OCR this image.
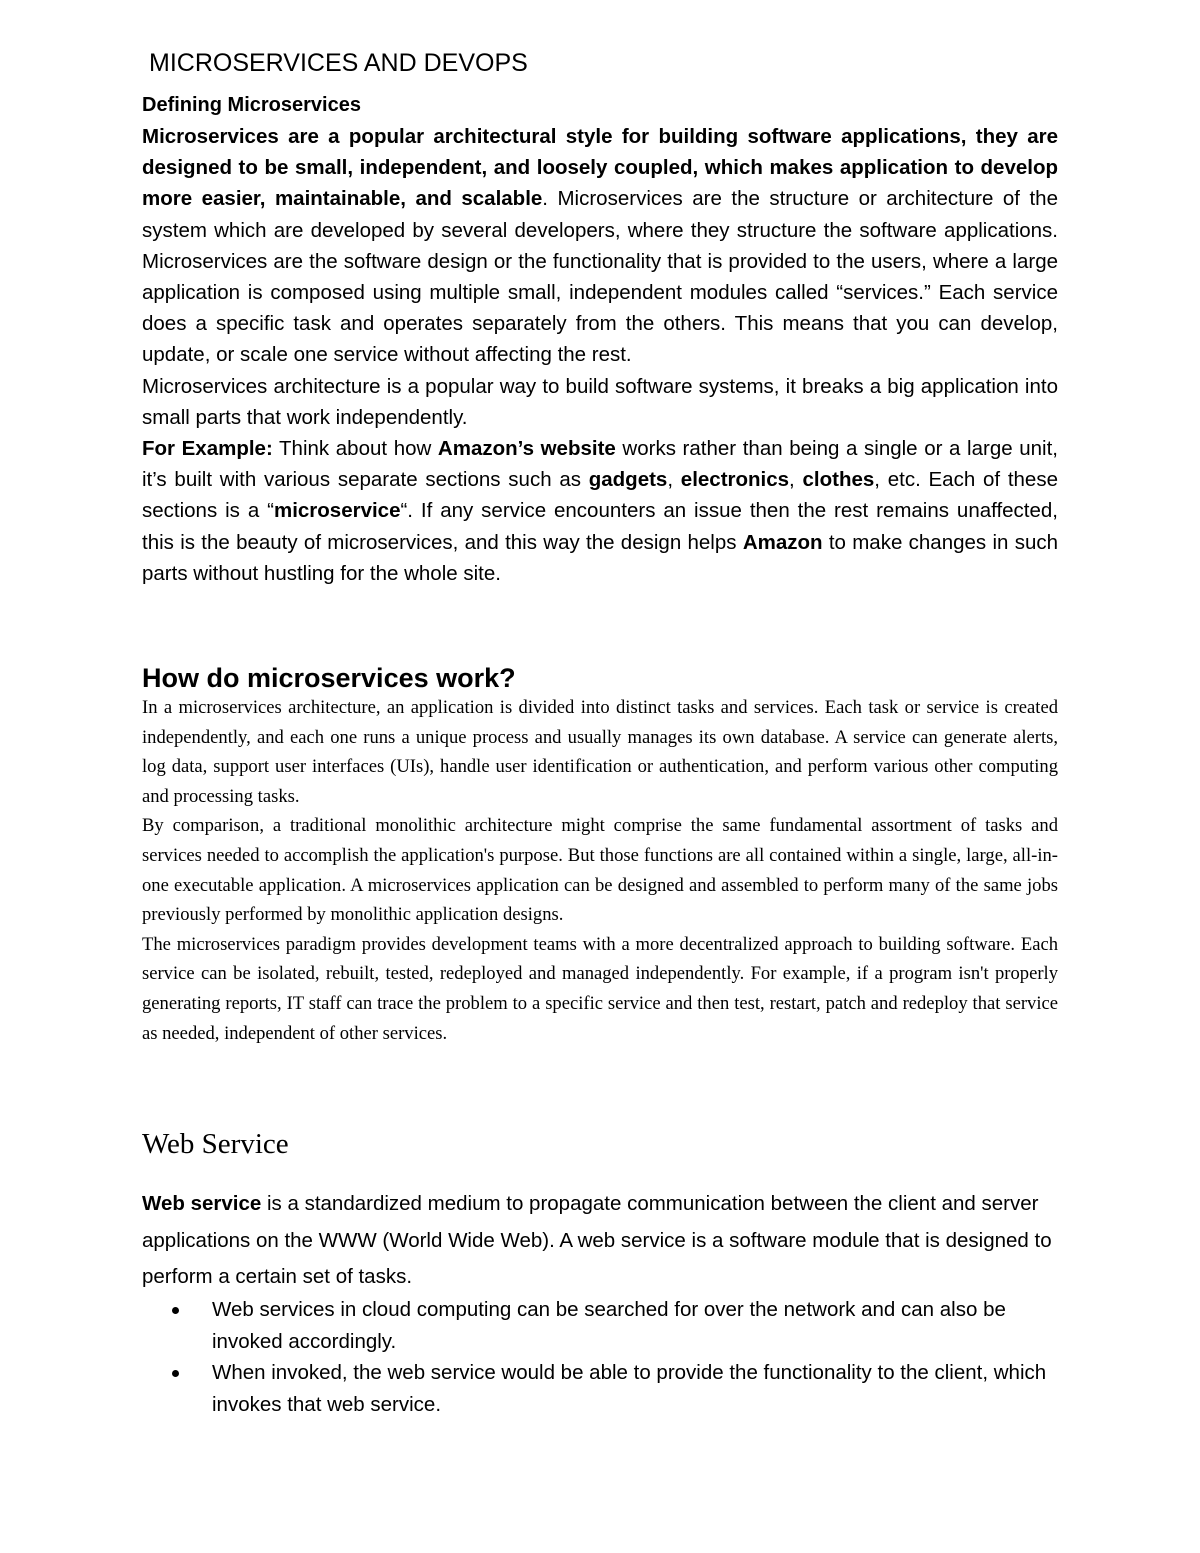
MICROSERVICES AND DEVOPS
Defining Microservices

Microservices are a popular architectural style for building software applications, they are designed to be small, independent, and loosely coupled, which makes application to develop more easier, maintainable, and scalable. Microservices are the structure or architecture of the system which are developed by several developers, where they structure the software applications. Microservices are the software design or the functionality that is provided to the users, where a large application is composed using multiple small, independent modules called “services.” Each service does a specific task and operates separately from the others. This means that you can develop, update, or scale one service without affecting the rest.

Microservices architecture is a popular way to build software systems, it breaks a big application into small parts that work independently.

For Example: Think about how Amazon’s website works rather than being a single or a large unit, it’s built with various separate sections such as gadgets, electronics, clothes, etc. Each of these sections is a “microservice“. If any service encounters an issue then the rest remains unaffected, this is the beauty of microservices, and this way the design helps Amazon to make changes in such parts without hustling for the whole site.

How do microservices work?

In a microservices architecture, an application is divided into distinct tasks and services. Each task or service is created independently, and each one runs a unique process and usually manages its own database. A service can generate alerts, log data, support user interfaces (UIs), handle user identification or authentication, and perform various other computing and processing tasks.

By comparison, a traditional monolithic architecture might comprise the same fundamental assortment of tasks and services needed to accomplish the application's purpose. But those functions are all contained within a single, large, all-in-one executable application. A microservices application can be designed and assembled to perform many of the same jobs previously performed by monolithic application designs.

The microservices paradigm provides development teams with a more decentralized approach to building software. Each service can be isolated, rebuilt, tested, redeployed and managed independently. For example, if a program isn't properly generating reports, IT staff can trace the problem to a specific service and then test, restart, patch and redeploy that service as needed, independent of other services.

Web Service

Web service is a standardized medium to propagate communication between the client and server applications on the WWW (World Wide Web). A web service is a software module that is designed to perform a certain set of tasks.

Web services in cloud computing can be searched for over the network and can also be invoked accordingly.
When invoked, the web service would be able to provide the functionality to the client, which invokes that web service.
